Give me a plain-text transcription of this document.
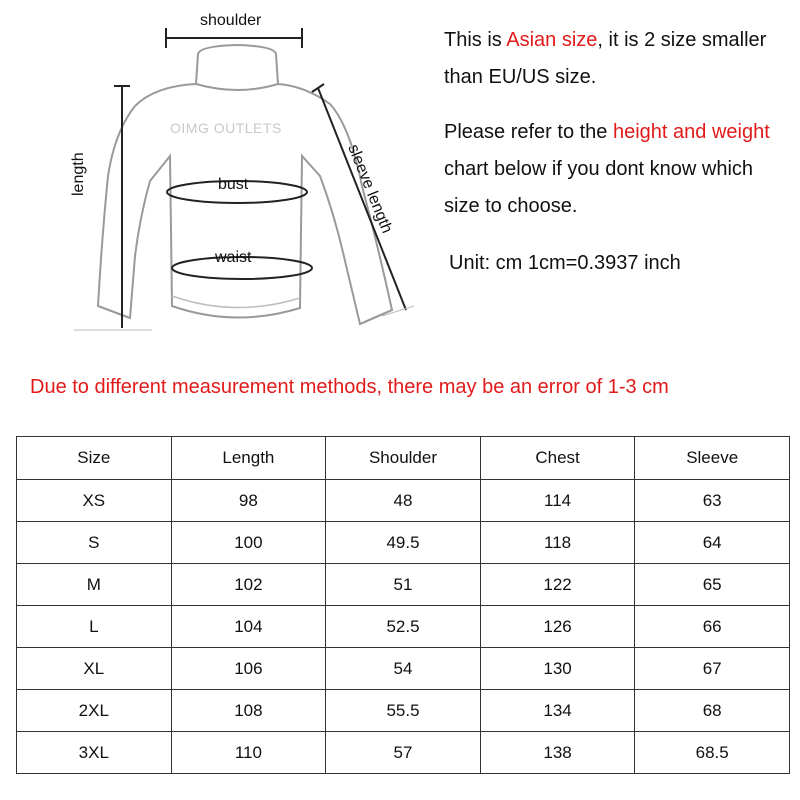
shoulder
length	bust
waist
sleeve length
OIMG OUTLETS

This is Asian size, it is 2 size smaller than EU/US size.

Please refer to the height and weight chart below if you dont know which size to choose.

Unit: cm 1cm=0.3937 inch

Due to different measurement methods, there may be an error of 1-3 cm
Size	Length	Shoulder	Chest	Sleeve
XS	98	48	114	63
S	100	49.5	118	64
M	102	51	122	65
L	104	52.5	126	66
XL	106	54	130	67
2XL	108	55.5	134	68
3XL	110	57	138	68.5
